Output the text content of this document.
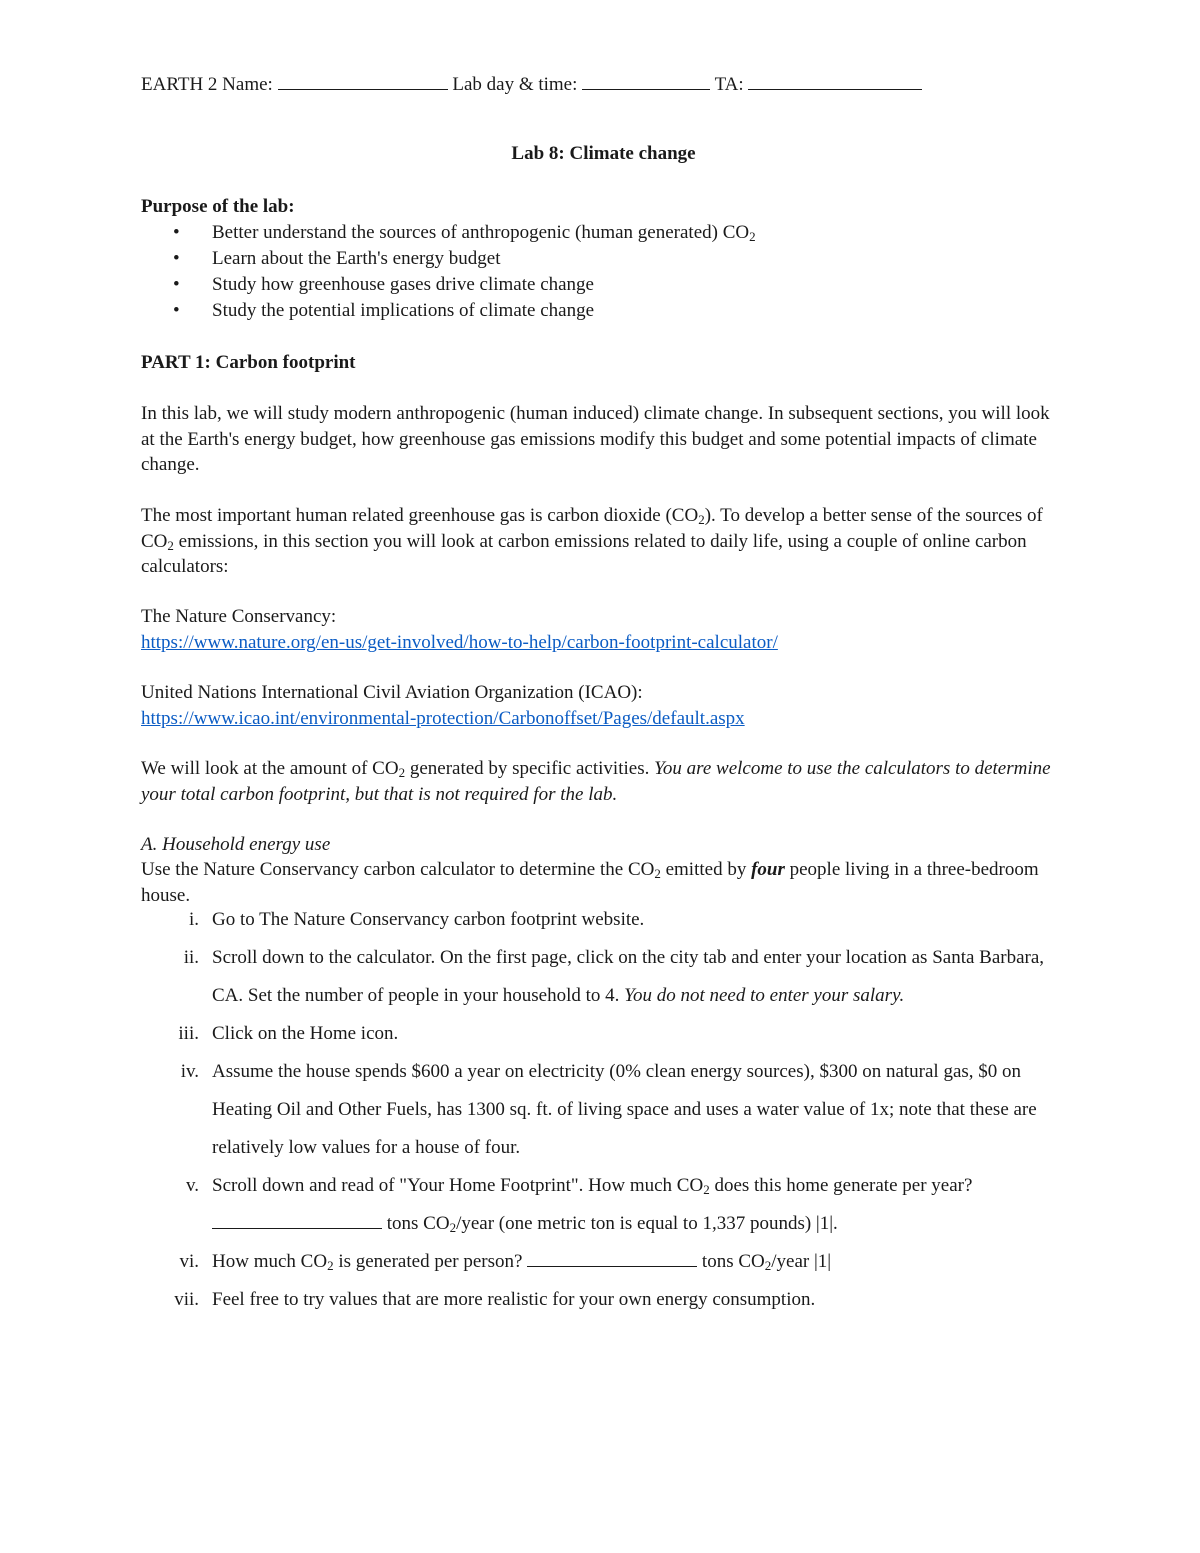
EARTH 2 Name:	Lab day & time:	TA:
Lab 8: Climate change
Purpose of the lab:
• Better understand the sources of anthropogenic (human generated) $CO_2$
• Learn about the Earth's energy budget
• Study how greenhouse gases drive climate change
• Study the potential implications of climate change
PART 1: Carbon footprint
In this lab, we will study modern anthropogenic (human induced) climate change. In subsequent sections, you will look at the Earth's energy budget, how greenhouse gas emissions modify this budget and some potential impacts of climate change.
The most important human related greenhouse gas is carbon dioxide $(CO_2)$. To develop a better sense of the sources of $CO_2$ emissions, in this section you will look at carbon emissions related to daily life, using a couple of online carbon calculators:
The Nature Conservancy:
https://www.nature.org/en-us/get-involved/how-to-help/carbon-footprint-calculator/
United Nations International Civil Aviation Organization (ICAO):
https://www.icao.int/environmental-protection/Carbonoffset/Pages/default.aspx
We will look at the amount of $CO_2$ generated by specific activities. You are welcome to use the calculators to determine your total carbon footprint, but that is not required for the lab.
A. Household energy use
Use the Nature Conservancy carbon calculator to determine the $CO_2$ emitted by four people living in a three-bedroom house.
i. Go to The Nature Conservancy carbon footprint website.
ii. Scroll down to the calculator. On the first page, click on the city tab and enter your location as Santa Barbara, CA. Set the number of people in your household to 4. You do not need to enter your salary.
iii. Click on the Home icon.
iv. Assume the house spends $600 a year on electricity (0% clean energy sources), $300 on natural gas, $0 on Heating Oil and Other Fuels, has 1300 sq. ft. of living space and uses a water value of 1x; note that these are relatively low values for a house of four.
v. Scroll down and read of "Your Home Footprint". How much $CO_2$ does this home generate per year?  tons $CO_2$/year (one metric ton is equal to 1,337 pounds) |1|.
vi. How much $CO_2$ is generated per person?	tons $CO_2$/year |1|
vii. Feel free to try values that are more realistic for your own energy consumption.
